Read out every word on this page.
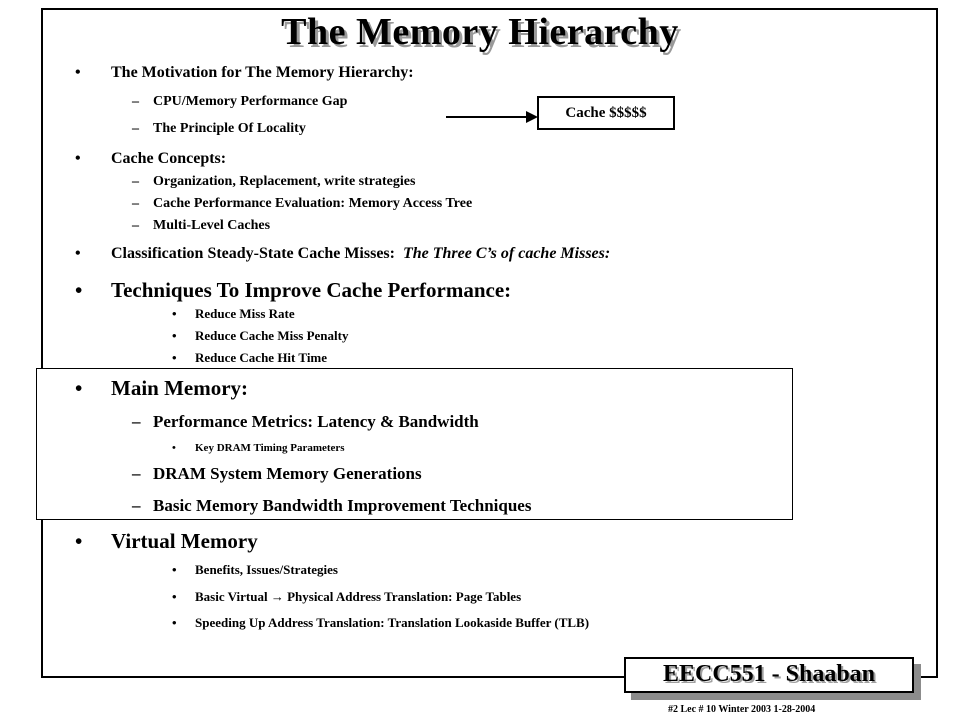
The Memory Hierarchy
• The Motivation for The Memory Hierarchy:
– CPU/Memory Performance Gap
– The Principle Of Locality
Cache $$$$$
• Cache Concepts:
– Organization, Replacement, write strategies
– Cache Performance Evaluation: Memory Access Tree
– Multi-Level Caches
• Classification Steady-State Cache Misses: The Three C’s of cache Misses:
• Techniques To Improve Cache Performance:
• Reduce Miss Rate
• Reduce Cache Miss Penalty
• Reduce Cache Hit Time
• Main Memory:
– Performance Metrics: Latency & Bandwidth
• Key DRAM Timing Parameters
– DRAM System Memory Generations
– Basic Memory Bandwidth Improvement Techniques
• Virtual Memory
• Benefits, Issues/Strategies
• Basic Virtual → Physical Address Translation: Page Tables
• Speeding Up Address Translation: Translation Lookaside Buffer (TLB)
EECC551 - Shaaban
#2 Lec # 10 Winter 2003 1-28-2004
